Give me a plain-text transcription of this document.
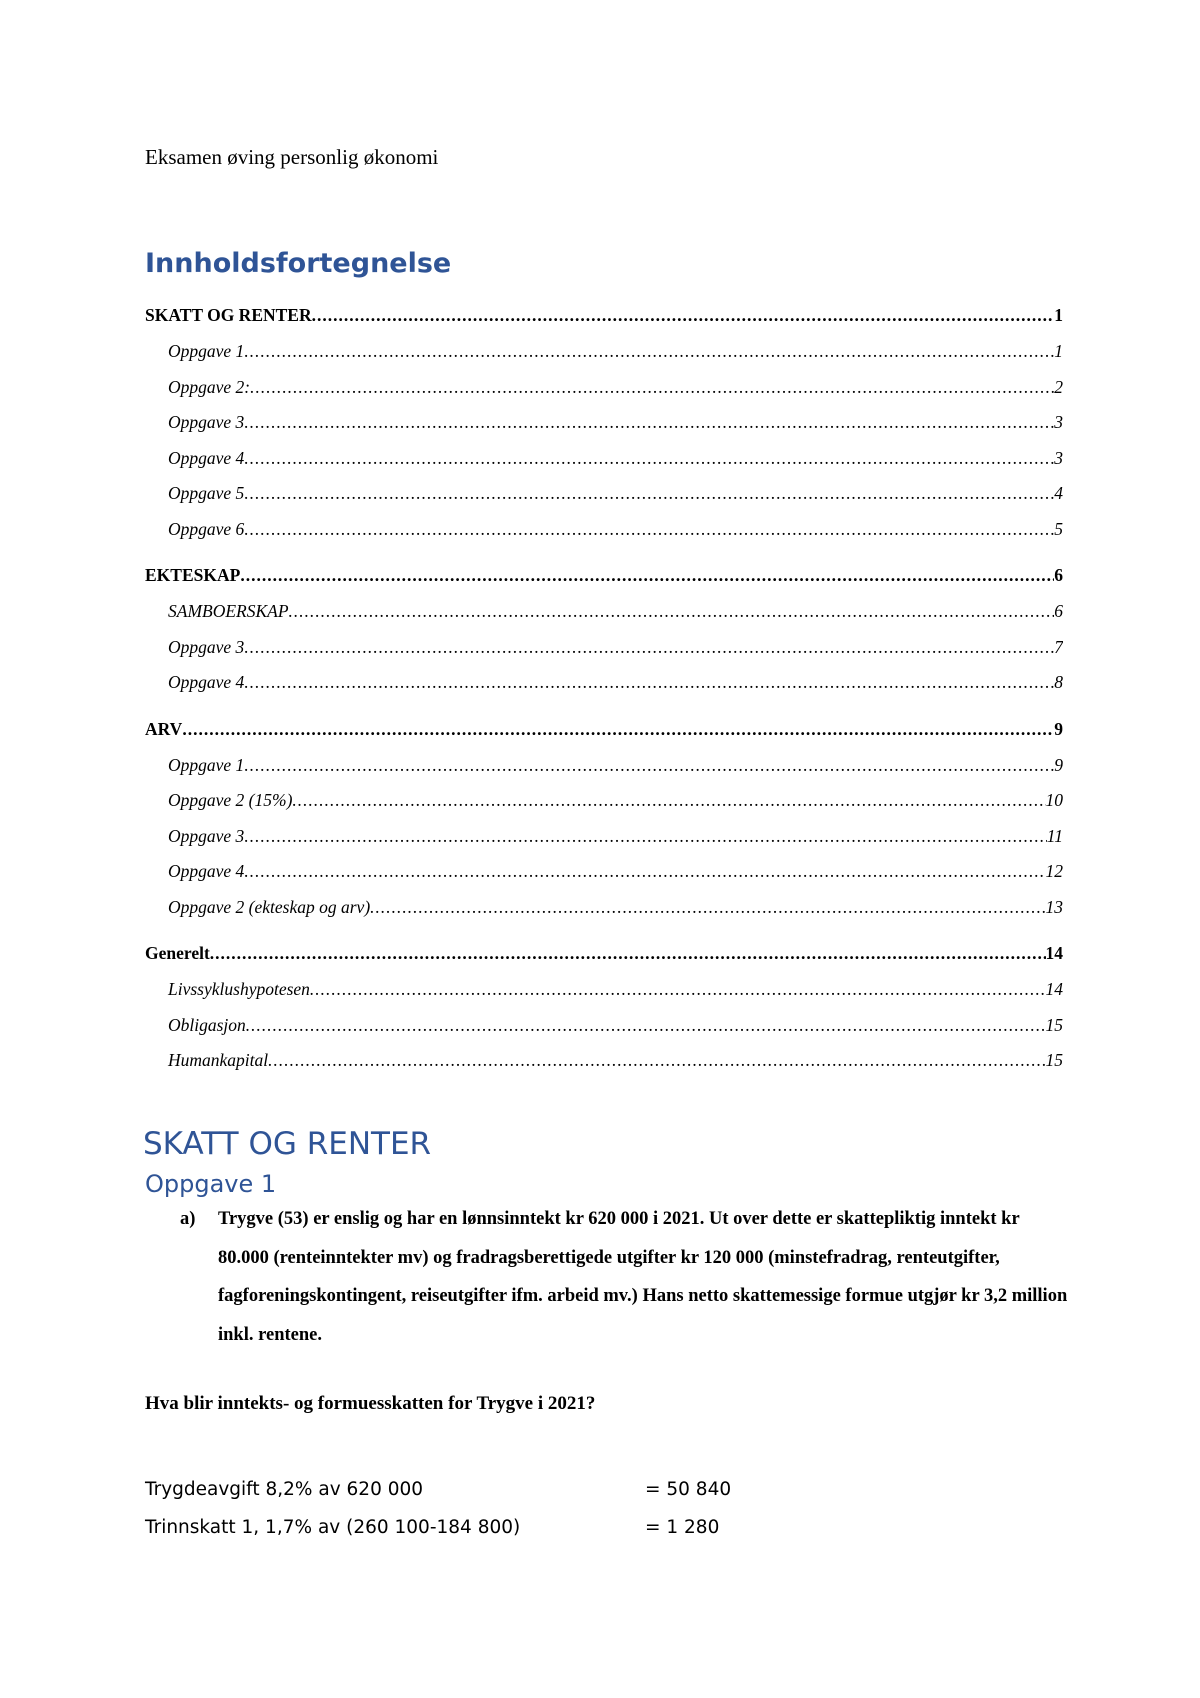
Eksamen øving personlig økonomi

Innholdsfortegnelse
SKATT OG RENTER .....	1
Oppgave 1 .....	1
Oppgave 2: .....	2
Oppgave 3 .....	3
Oppgave 4 .....	3
Oppgave 5 .....	4
Oppgave 6 .....	5
EKTESKAP .....	6
SAMBOERSKAP .....	6
Oppgave 3 .....	7
Oppgave 4 .....	8
ARV .....	9
Oppgave 1 .....	9
Oppgave 2 (15%) .....	10
Oppgave 3 .....	11
Oppgave 4 .....	12
Oppgave 2 (ekteskap og arv) .....	13
Generelt .....	14
Livssyklushypotesen .....	14
Obligasjon .....	15
Humankapital .....	15
SKATT OG RENTER
Oppgave 1
a) Trygve (53) er enslig og har en lønnsinntekt kr 620 000 i 2021. Ut over dette er skattepliktig inntekt kr 80.000 (renteinntekter mv) og fradragsberettigede utgifter kr 120 000 (minstefradrag, renteutgifter, fagforeningskontingent, reiseutgifter ifm. arbeid mv.) Hans netto skattemessige formue utgjør kr 3,2 million inkl. rentene.

Hva blir inntekts- og formuesskatten for Trygve i 2021?

Trygdeavgift 8,2% av 620 000	= 50 840
Trinnskatt 1, 1,7% av (260 100-184 800)	= 1 280
